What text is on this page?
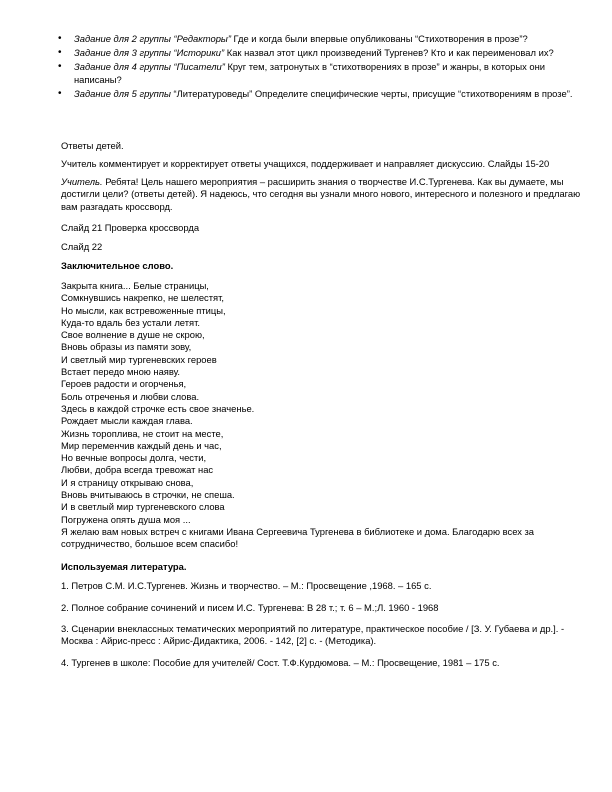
• Задание для 2 группы “Редакторы” Где и когда были впервые опубликованы “Стихотворения в прозе”?
• Задание для 3 группы “Историки” Как назвал этот цикл произведений Тургенев? Кто и как переименовал их?
• Задание для 4 группы “Писатели” Круг тем, затронутых в “стихотворениях в прозе” и жанры, в которых они написаны?
• Задание для 5 группы “Литературоведы” Определите специфические черты, присущие “стихотворениям в прозе”.

Ответы детей.

Учитель комментирует и корректирует ответы учащихся, поддерживает и направляет дискуссию. Слайды 15-20

Учитель. Ребята! Цель нашего мероприятия – расширить знания о творчестве И.С.Тургенева. Как вы думаете, мы достигли цели? (ответы детей). Я надеюсь, что сегодня вы узнали много нового, интересного и полезного и предлагаю вам разгадать кроссворд.

Слайд 21 Проверка кроссворда

Слайд 22

Заключительное слово.

Закрыта книга... Белые страницы,
Сомкнувшись накрепко, не шелестят,
Но мысли, как встревоженные птицы,
Куда-то вдаль без устали летят.
Свое волнение в душе не скрою,
Вновь образы из памяти зову,
И светлый мир тургеневских героев
Встает передо мною наяву.
Героев радости и огорченья,
Боль отреченья и любви слова.
Здесь в каждой строчке есть свое значенье.
Рождает мысли каждая глава.
Жизнь тороплива, не стоит на месте,
Мир переменчив каждый день и час,
Но вечные вопросы долга, чести,
Любви, добра всегда тревожат нас
И я страницу открываю снова,
Вновь вчитываюсь в строчки, не спеша.
И в светлый мир тургеневского слова
Погружена опять душа моя ...

Я желаю вам новых встреч с книгами Ивана Сергеевича Тургенева в библиотеке и дома. Благодарю всех за сотрудничество, большое всем спасибо!

Используемая литература.

1. Петров С.М. И.С.Тургенев. Жизнь и творчество. – М.: Просвещение ,1968. – 165 с.

2. Полное собрание сочинений и писем И.С. Тургенева: В 28 т.; т. 6 – М.;Л. 1960 - 1968

3. Сценарии внеклассных тематических мероприятий по литературе, практическое пособие / [З. У. Губаева и др.]. - Москва : Айрис-пресс : Айрис-Дидактика, 2006. - 142, [2] с. - (Методика).

4. Тургенев в школе: Пособие для учителей/ Сост. Т.Ф.Курдюмова. – М.: Просвещение, 1981 – 175 с.
